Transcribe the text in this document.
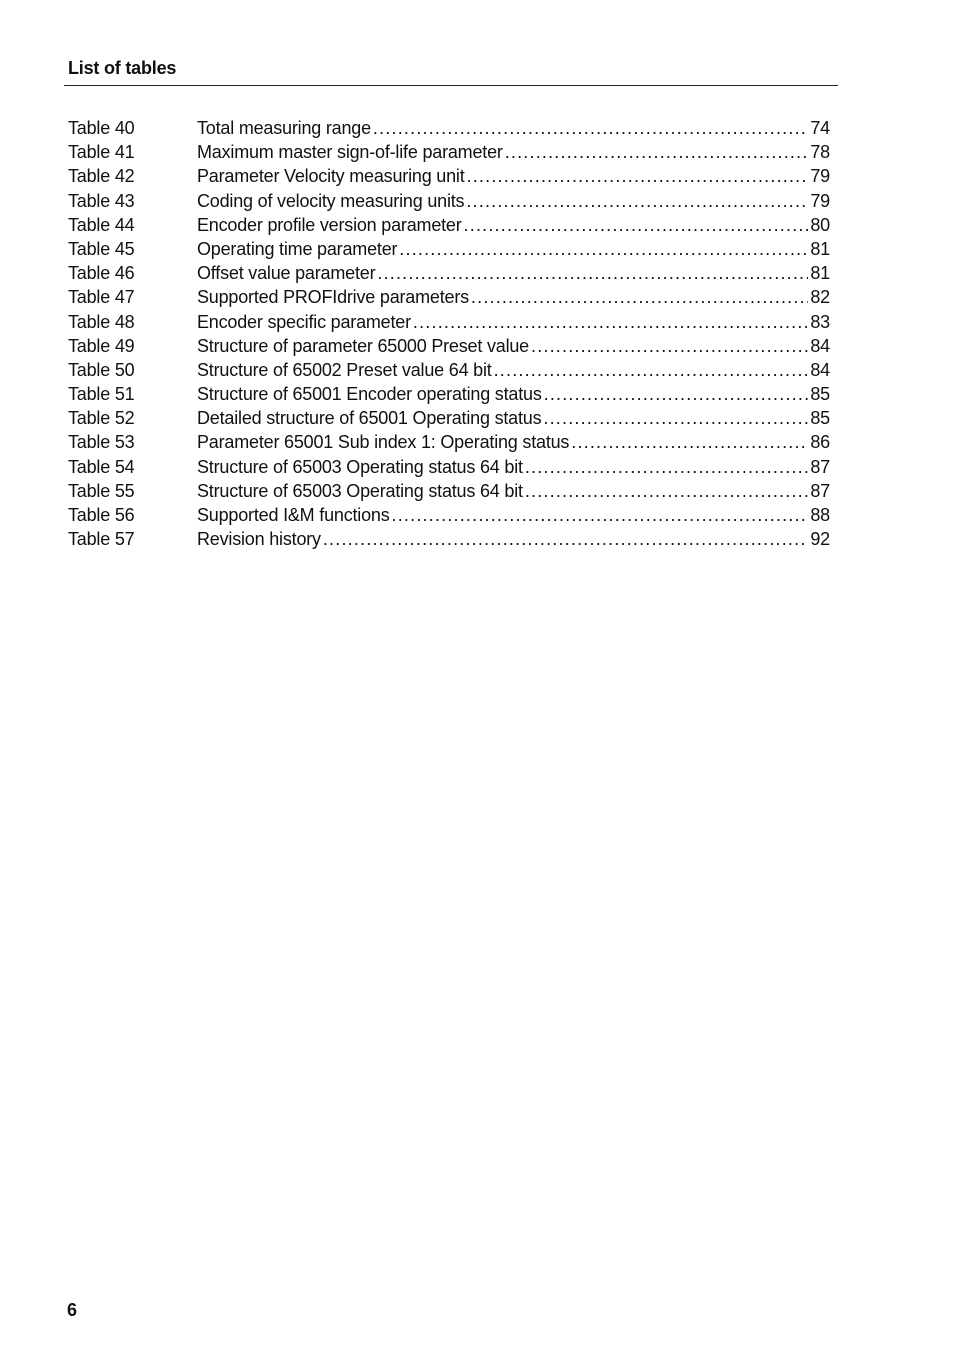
List of tables
Table 40	Total measuring range .....	74
Table 41	Maximum master sign-of-life parameter .....	78
Table 42	Parameter Velocity measuring unit .....	79
Table 43	Coding of velocity measuring units .....	79
Table 44	Encoder profile version parameter .....	80
Table 45	Operating time parameter .....	81
Table 46	Offset value parameter .....	81
Table 47	Supported PROFIdrive parameters .....	82
Table 48	Encoder specific parameter .....	83
Table 49	Structure of parameter 65000 Preset value .....	84
Table 50	Structure of 65002 Preset value 64 bit .....	84
Table 51	Structure of 65001 Encoder operating status .....	85
Table 52	Detailed structure of 65001 Operating status .....	85
Table 53	Parameter 65001 Sub index 1: Operating status .....	86
Table 54	Structure of 65003 Operating status 64 bit .....	87
Table 55	Structure of 65003 Operating status 64 bit .....	87
Table 56	Supported I&M functions .....	88
Table 57	Revision history .....	92
6
